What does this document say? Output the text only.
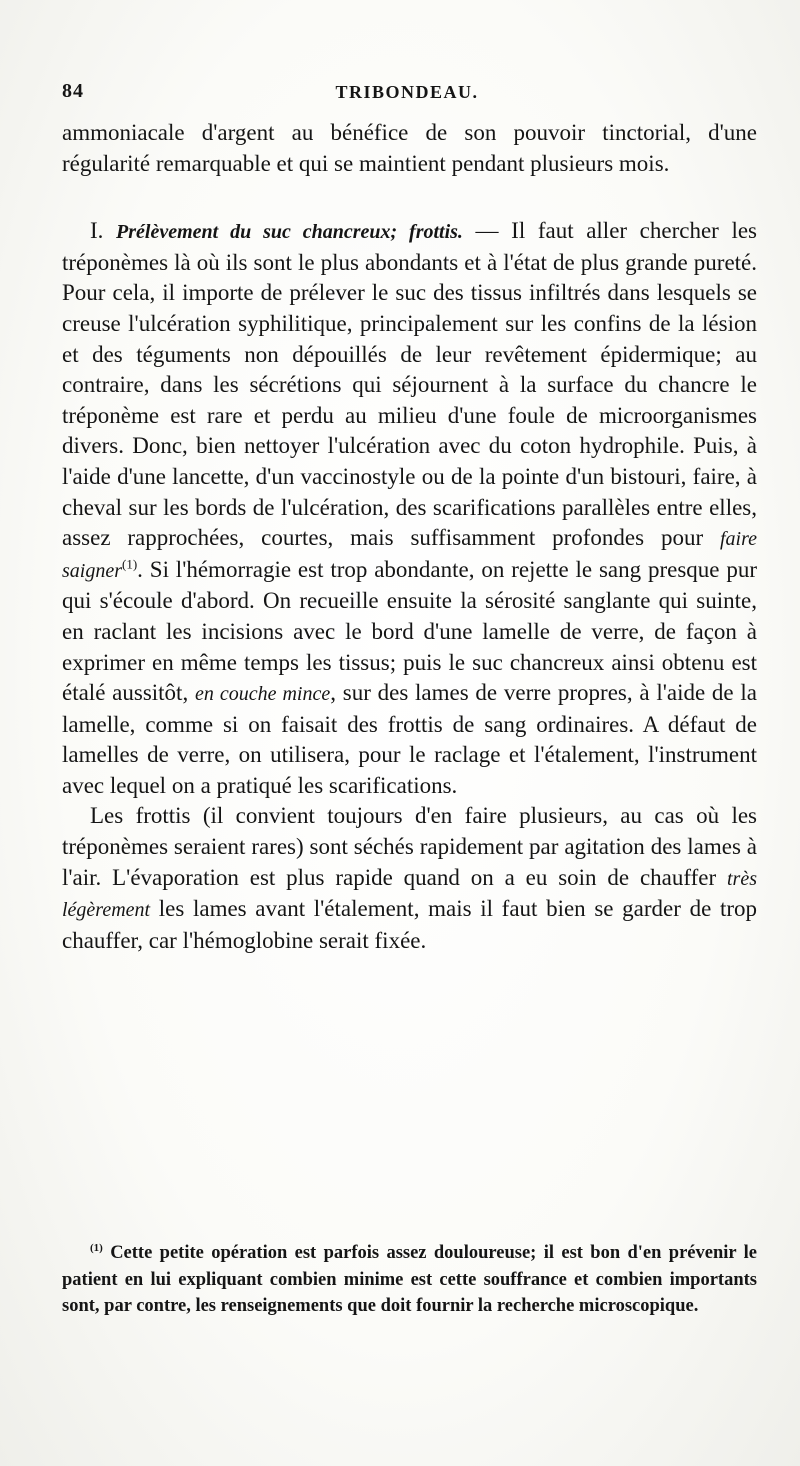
84	TRIBONDEAU.

ammoniacale d'argent au bénéfice de son pouvoir tinctorial, d'une régularité remarquable et qui se maintient pendant plusieurs mois.

I. Prélèvement du suc chancreux; frottis. — Il faut aller chercher les tréponèmes là où ils sont le plus abondants et à l'état de plus grande pureté. Pour cela, il importe de prélever le suc des tissus infiltrés dans lesquels se creuse l'ulcération syphilitique, principalement sur les confins de la lésion et des téguments non dépouillés de leur revêtement épidermique; au contraire, dans les sécrétions qui séjournent à la surface du chancre le tréponème est rare et perdu au milieu d'une foule de microorganismes divers. Donc, bien nettoyer l'ulcération avec du coton hydrophile. Puis, à l'aide d'une lancette, d'un vaccinostyle ou de la pointe d'un bistouri, faire, à cheval sur les bords de l'ulcération, des scarifications parallèles entre elles, assez rapprochées, courtes, mais suffisamment profondes pour faire saigner$^{(1)}$. Si l'hémorragie est trop abondante, on rejette le sang presque pur qui s'écoule d'abord. On recueille ensuite la sérosité sanglante qui suinte, en raclant les incisions avec le bord d'une lamelle de verre, de façon à exprimer en même temps les tissus; puis le suc chancreux ainsi obtenu est étalé aussitôt, en couche mince, sur des lames de verre propres, à l'aide de la lamelle, comme si on faisait des frottis de sang ordinaires. A défaut de lamelles de verre, on utilisera, pour le raclage et l'étalement, l'instrument avec lequel on a pratiqué les scarifications.

Les frottis (il convient toujours d'en faire plusieurs, au cas où les tréponèmes seraient rares) sont séchés rapidement par agitation des lames à l'air. L'évaporation est plus rapide quand on a eu soin de chauffer très légèrement les lames avant l'étalement, mais il faut bien se garder de trop chauffer, car l'hémoglobine serait fixée.

$^{(1)}$ Cette petite opération est parfois assez douloureuse; il est bon d'en prévenir le patient en lui expliquant combien minime est cette souffrance et combien importants sont, par contre, les renseignements que doit fournir la recherche microscopique.
